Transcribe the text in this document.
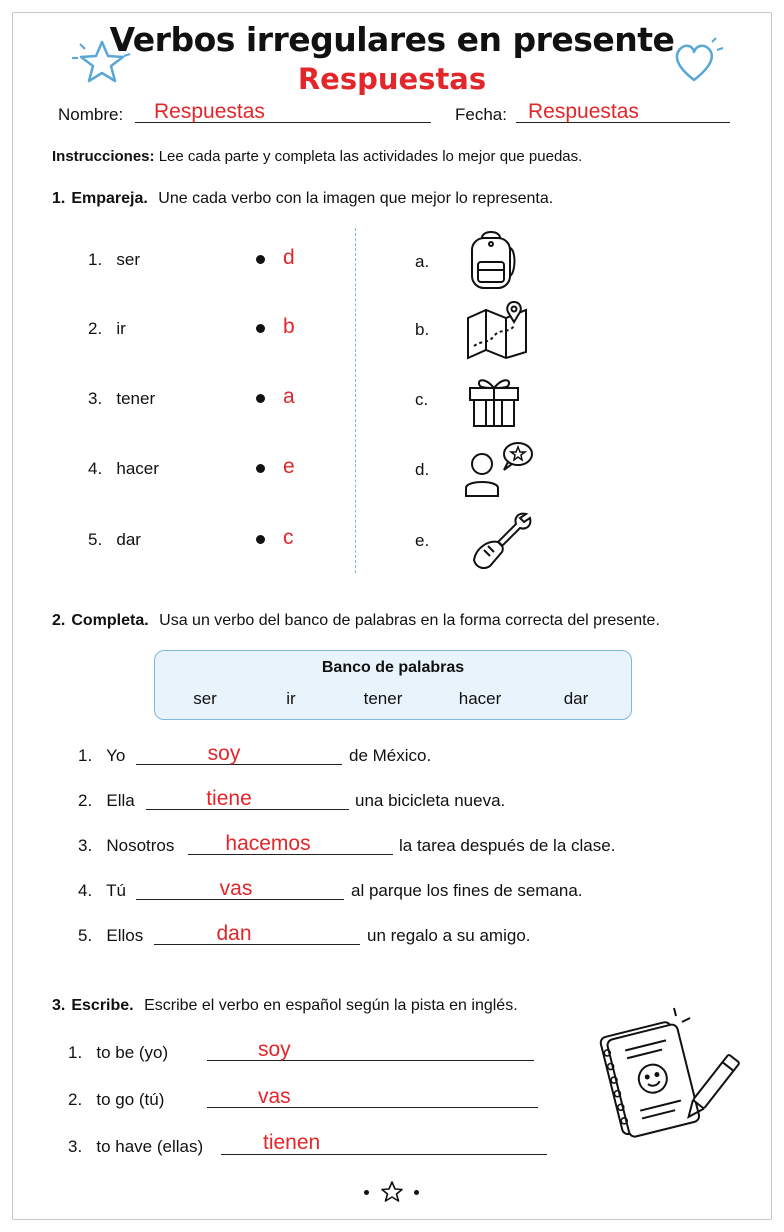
Verbos irregulares en presente
Respuestas
Nombre: Respuestas	Fecha: Respuestas
Instrucciones: Lee cada parte y completa las actividades lo mejor que puedas.
1. Empareja. Une cada verbo con la imagen que mejor lo representa.
1. ser	d
2. ir	b
3. tener	a
4. hacer	e
5. dar	c
a.
b.
c.
d.
e.
2. Completa. Usa un verbo del banco de palabras en la forma correcta del presente.
Banco de palabras
ser	ir	tener	hacer	dar
1. Yo	soy	de México.
2. Ella	tiene	una bicicleta nueva.
3. Nosotros	hacemos	la tarea después de la clase.
4. Tú	vas	al parque los fines de semana.
5. Ellos	dan	un regalo a su amigo.
3. Escribe. Escribe el verbo en español según la pista en inglés.
1. to be (yo)	soy
2. to go (tú)	vas
3. to have (ellas)	tienen
